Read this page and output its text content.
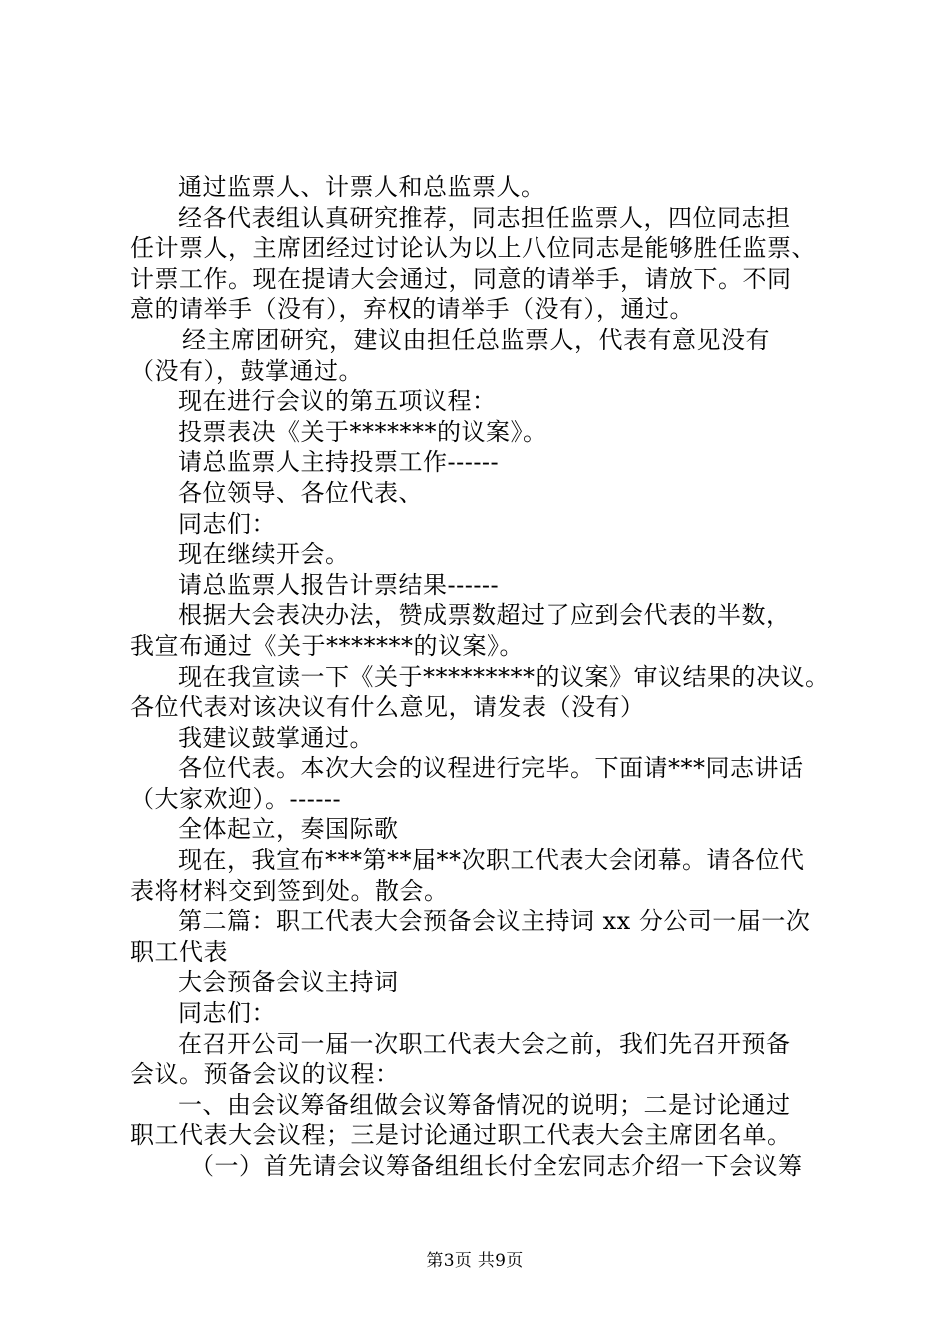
通过监票人、计票人和总监票人。
经各代表组认真研究推荐，同志担任监票人，四位同志担
任计票人，主席团经过讨论认为以上八位同志是能够胜任监票、
计票工作。现在提请大会通过，同意的请举手，请放下。不同
意的请举手（没有），弃权的请举手（没有），通过。
经主席团研究，建议由担任总监票人，代表有意见没有
（没有），鼓掌通过。
现在进行会议的第五项议程：
投票表决《关于*******的议案》。
请总监票人主持投票工作------
各位领导、各位代表、
同志们：
现在继续开会。
请总监票人报告计票结果------
根据大会表决办法，赞成票数超过了应到会代表的半数，
我宣布通过《关于*******的议案》。
现在我宣读一下《关于*********的议案》审议结果的决议。
各位代表对该决议有什么意见，请发表（没有）
我建议鼓掌通过。
各位代表。本次大会的议程进行完毕。下面请***同志讲话
（大家欢迎）。------
全体起立，奏国际歌
现在，我宣布***第**届**次职工代表大会闭幕。请各位代
表将材料交到签到处。散会。
第二篇：职工代表大会预备会议主持词 xx 分公司一届一次
职工代表
大会预备会议主持词
同志们：
在召开公司一届一次职工代表大会之前，我们先召开预备
会议。预备会议的议程：
一、由会议筹备组做会议筹备情况的说明；二是讨论通过
职工代表大会议程；三是讨论通过职工代表大会主席团名单。
（一）首先请会议筹备组组长付全宏同志介绍一下会议筹
第3页 共9页
